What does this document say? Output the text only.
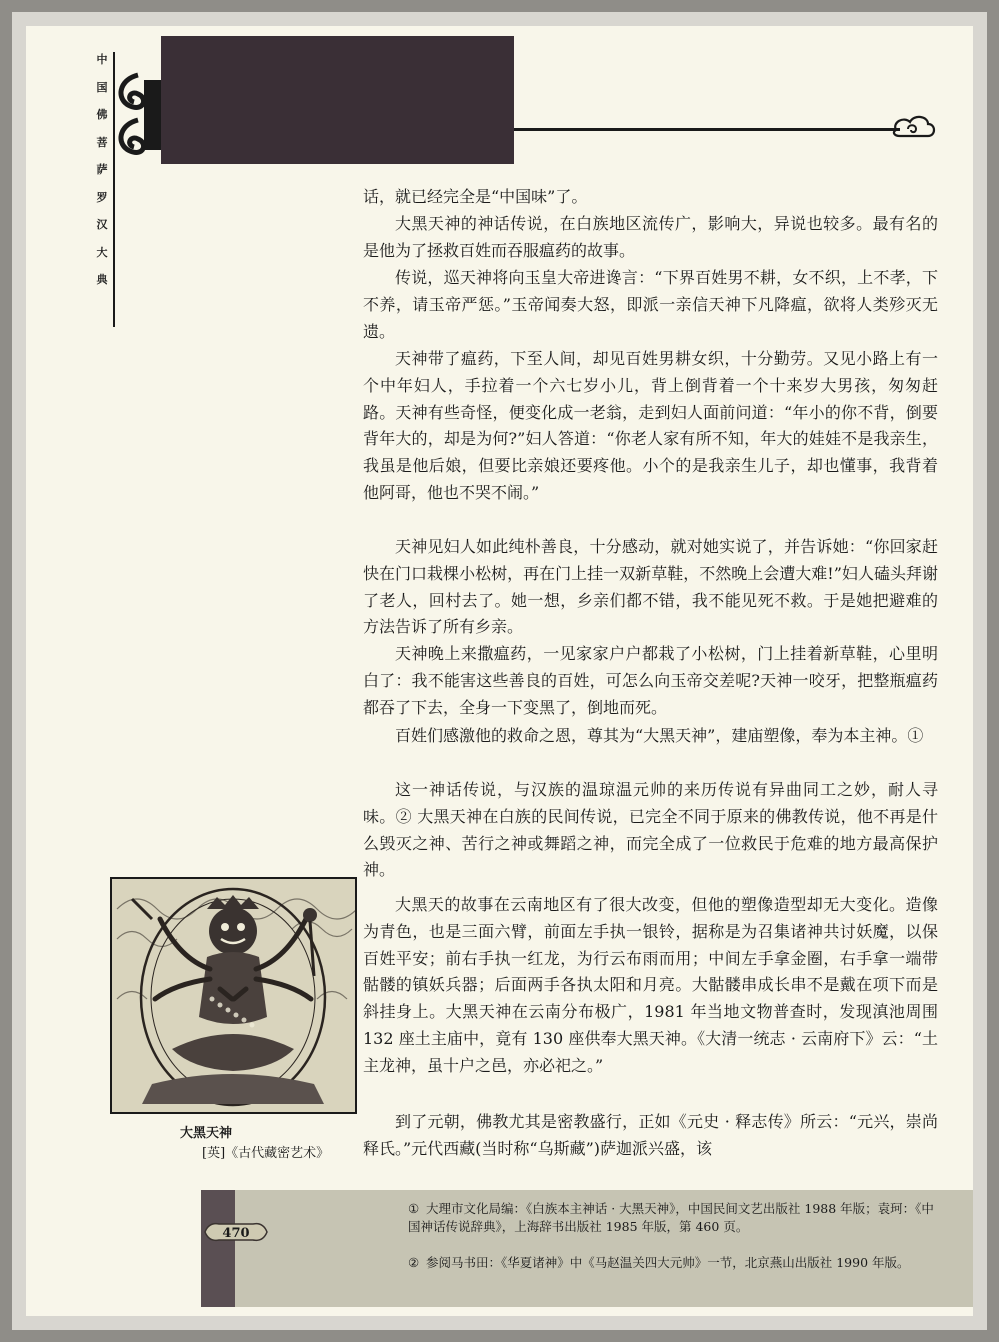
中
国
佛
菩
萨
罗
汉
大
典

话，就已经完全是“中国味”了。

大黑天神的神话传说，在白族地区流传广，影响大，异说也较多。最有名的是他为了拯救百姓而吞服瘟药的故事。

传说，巡天神将向玉皇大帝进谗言：“下界百姓男不耕，女不织，上不孝，下不养，请玉帝严惩。”玉帝闻奏大怒，即派一亲信天神下凡降瘟，欲将人类殄灭无遗。

天神带了瘟药，下至人间，却见百姓男耕女织，十分勤劳。又见小路上有一个中年妇人，手拉着一个六七岁小儿，背上倒背着一个十来岁大男孩，匆匆赶路。天神有些奇怪，便变化成一老翁，走到妇人面前问道：“年小的你不背，倒要背年大的，却是为何?”妇人答道：“你老人家有所不知，年大的娃娃不是我亲生，我虽是他后娘，但要比亲娘还要疼他。小个的是我亲生儿子，却也懂事，我背着他阿哥，他也不哭不闹。”

天神见妇人如此纯朴善良，十分感动，就对她实说了，并告诉她：“你回家赶快在门口栽棵小松树，再在门上挂一双新草鞋，不然晚上会遭大难!”妇人磕头拜谢了老人，回村去了。她一想，乡亲们都不错，我不能见死不救。于是她把避难的方法告诉了所有乡亲。

天神晚上来撒瘟药，一见家家户户都栽了小松树，门上挂着新草鞋，心里明白了：我不能害这些善良的百姓，可怎么向玉帝交差呢?天神一咬牙，把整瓶瘟药都吞了下去，全身一下变黑了，倒地而死。

百姓们感激他的救命之恩，尊其为“大黑天神”，建庙塑像，奉为本主神。①

这一神话传说，与汉族的温琼温元帅的来历传说有异曲同工之妙，耐人寻味。② 大黑天神在白族的民间传说，已完全不同于原来的佛教传说，他不再是什么毁灭之神、苦行之神或舞蹈之神，而完全成了一位救民于危难的地方最高保护神。

大黑天的故事在云南地区有了很大改变，但他的塑像造型却无大变化。造像为青色，也是三面六臂，前面左手执一银铃，据称是为召集诸神共讨妖魔，以保百姓平安；前右手执一红龙，为行云布雨而用；中间左手拿金圈，右手拿一端带骷髅的镇妖兵器；后面两手各执太阳和月亮。大骷髅串成长串不是戴在项下而是斜挂身上。大黑天神在云南分布极广，1981 年当地文物普查时，发现滇池周围 132 座土主庙中，竟有 130 座供奉大黑天神。《大清一统志 · 云南府下》云：“土主龙神，虽十户之邑，亦必祀之。”

到了元朝，佛教尤其是密教盛行，正如《元史 · 释志传》所云：“元兴，崇尚释氏。”元代西藏(当时称“乌斯藏”)萨迦派兴盛，该

大黑天神
[英]《古代藏密艺术》
470
① 大理市文化局编：《白族本主神话 · 大黑天神》，中国民间文艺出版社 1988 年版；袁珂：《中国神话传说辞典》，上海辞书出版社 1985 年版，第 460 页。
② 参阅马书田：《华夏诸神》中《马赵温关四大元帅》一节，北京燕山出版社 1990 年版。
